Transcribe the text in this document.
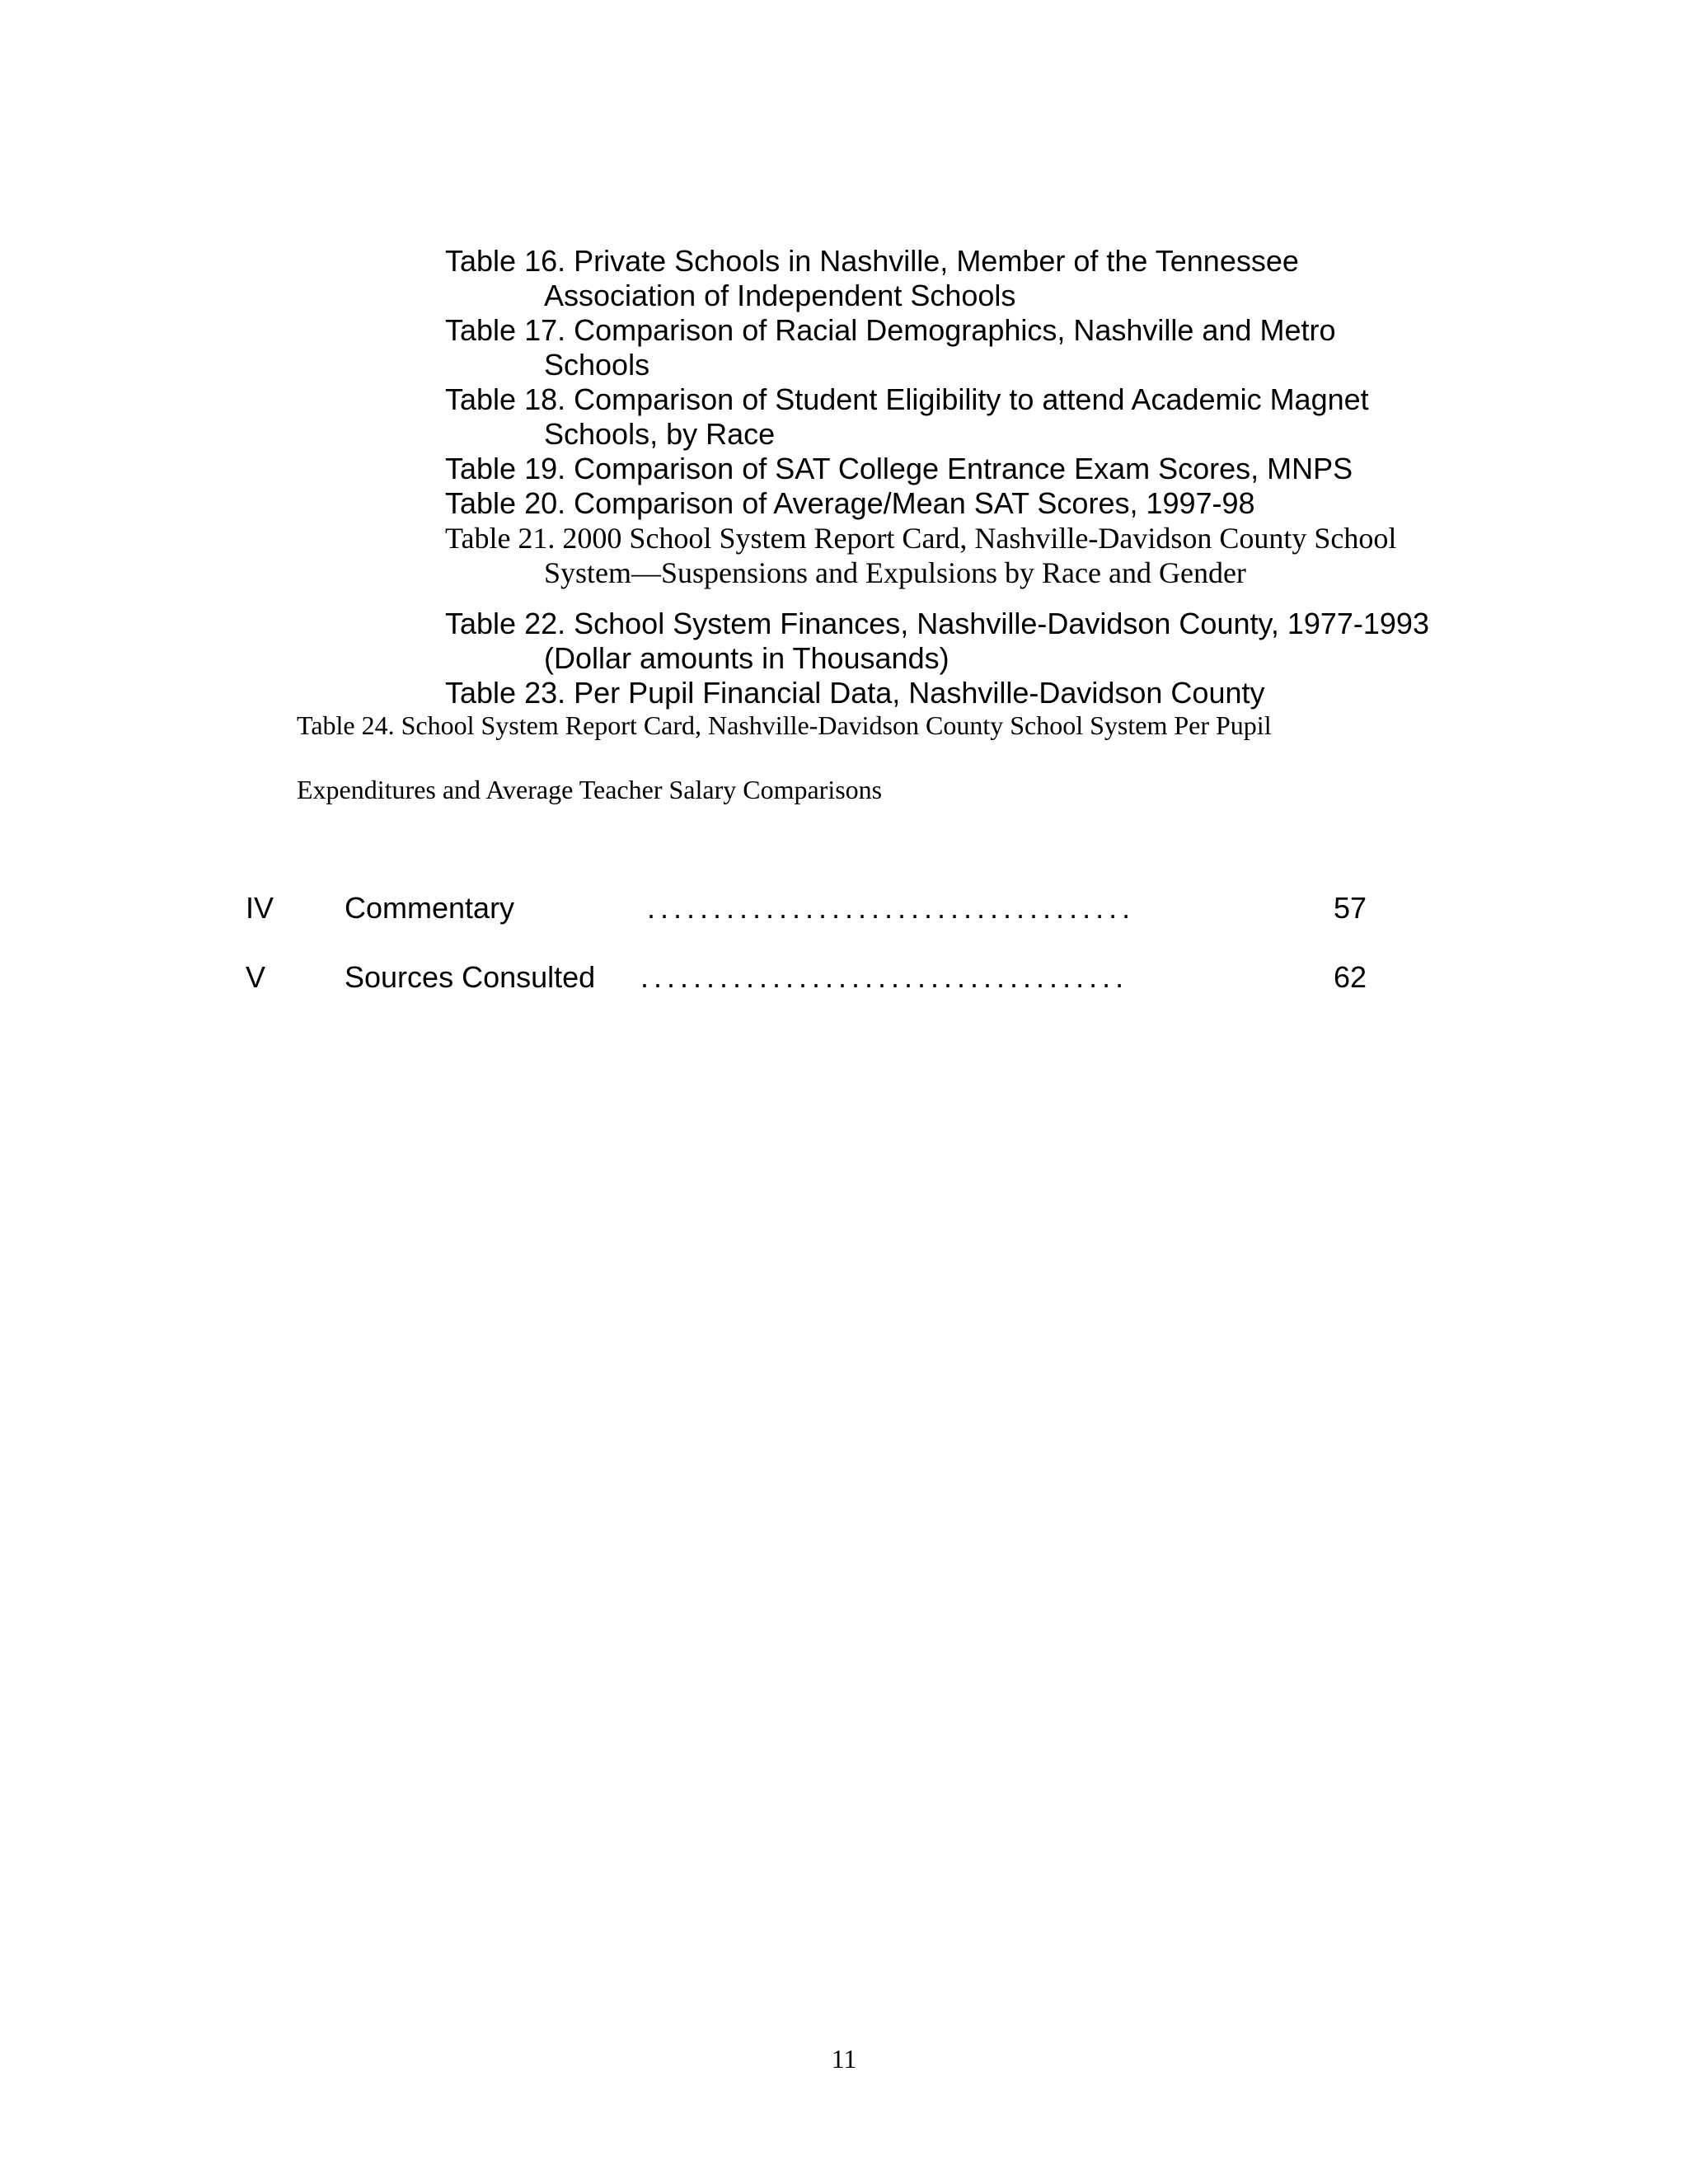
Table 16. Private Schools in Nashville, Member of the Tennessee Association of Independent Schools

Table 17. Comparison of Racial Demographics, Nashville and Metro Schools

Table 18. Comparison of Student Eligibility to attend Academic Magnet Schools, by Race

Table 19. Comparison of SAT College Entrance Exam Scores, MNPS

Table 20. Comparison of Average/Mean SAT Scores, 1997-98

Table 21. 2000 School System Report Card, Nashville-Davidson County School System—Suspensions and Expulsions by Race and Gender

Table 22. School System Finances, Nashville-Davidson County, 1977-1993 (Dollar amounts in Thousands)

Table 23. Per Pupil Financial Data, Nashville-Davidson County

Table 24. School System Report Card, Nashville-Davidson County School System Per Pupil

Expenditures and Average Teacher Salary Comparisons

IV Commentary	.....................................	57
V	Sources Consulted .....................................	62
11
